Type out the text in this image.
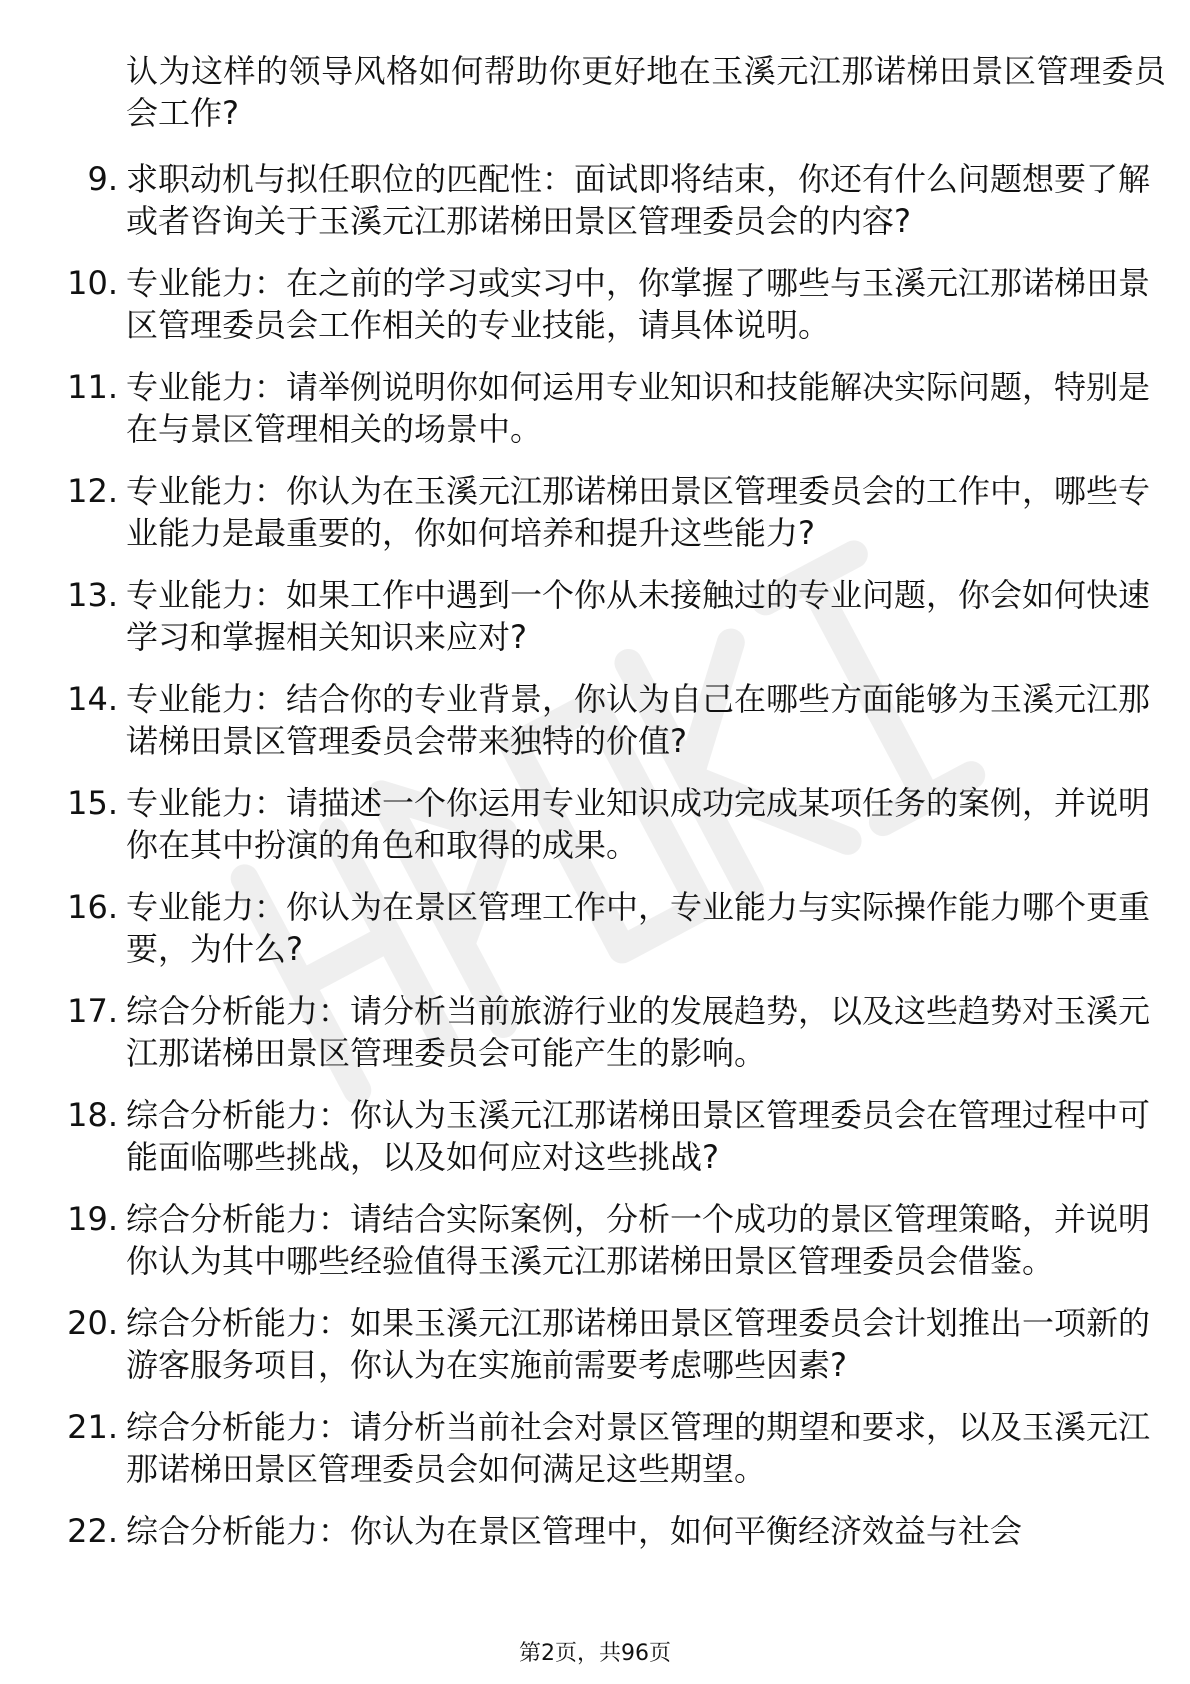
认为这样的领导风格如何帮助你更好地在玉溪元江那诺梯田景区管理委员会工作?
9. 求职动机与拟任职位的匹配性：面试即将结束，你还有什么问题想要了解或者咨询关于玉溪元江那诺梯田景区管理委员会的内容?
10. 专业能力：在之前的学习或实习中，你掌握了哪些与玉溪元江那诺梯田景区管理委员会工作相关的专业技能，请具体说明。
11. 专业能力：请举例说明你如何运用专业知识和技能解决实际问题，特别是在与景区管理相关的场景中。
12. 专业能力：你认为在玉溪元江那诺梯田景区管理委员会的工作中，哪些专业能力是最重要的，你如何培养和提升这些能力?
13. 专业能力：如果工作中遇到一个你从未接触过的专业问题，你会如何快速学习和掌握相关知识来应对?
14. 专业能力：结合你的专业背景，你认为自己在哪些方面能够为玉溪元江那诺梯田景区管理委员会带来独特的价值?
15. 专业能力：请描述一个你运用专业知识成功完成某项任务的案例，并说明你在其中扮演的角色和取得的成果。
16. 专业能力：你认为在景区管理工作中，专业能力与实际操作能力哪个更重要，为什么?
17. 综合分析能力：请分析当前旅游行业的发展趋势，以及这些趋势对玉溪元江那诺梯田景区管理委员会可能产生的影响。
18. 综合分析能力：你认为玉溪元江那诺梯田景区管理委员会在管理过程中可能面临哪些挑战，以及如何应对这些挑战?
19. 综合分析能力：请结合实际案例，分析一个成功的景区管理策略，并说明你认为其中哪些经验值得玉溪元江那诺梯田景区管理委员会借鉴。
20. 综合分析能力：如果玉溪元江那诺梯田景区管理委员会计划推出一项新的游客服务项目，你认为在实施前需要考虑哪些因素?
21. 综合分析能力：请分析当前社会对景区管理的期望和要求，以及玉溪元江那诺梯田景区管理委员会如何满足这些期望。
22. 综合分析能力：你认为在景区管理中，如何平衡经济效益与社会
第2页，共96页
